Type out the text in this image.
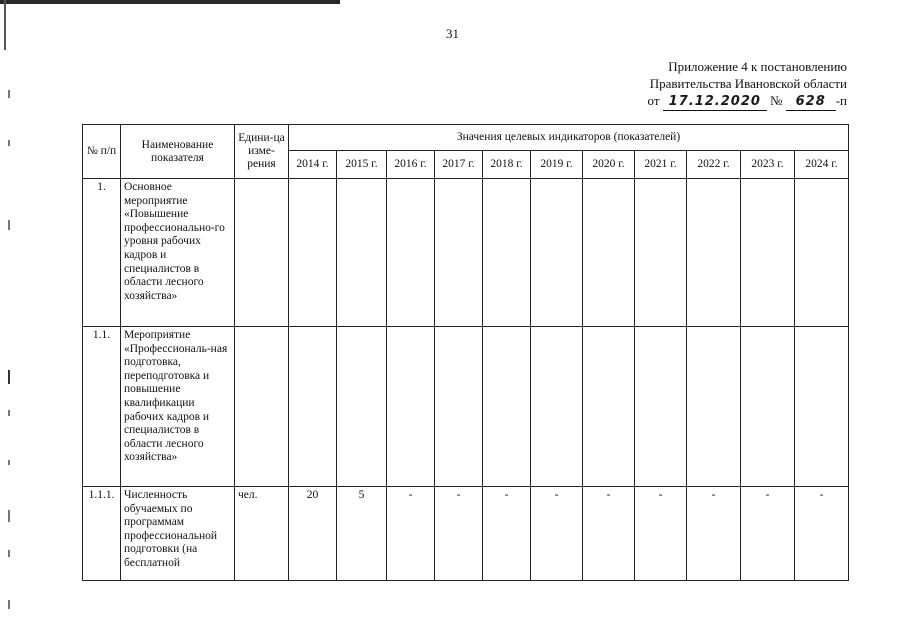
31
Приложение 4 к постановлению
Правительства Ивановской области
от 17.12.2020 № 628 -п
№ п/п	Наименование показателя	Едини-ца изме-рения	Значения целевых индикаторов (показателей)										
			2014 г.	2015 г.	2016 г.	2017 г.	2018 г.	2019 г.	2020 г.	2021 г.	2022 г.	2023 г.	2024 г.
1.	Основное мероприятие «Повышение профессионально-го уровня рабочих кадров и специалистов в области лесного хозяйства»												
1.1.	Мероприятие «Профессиональ-ная подготовка, переподготовка и повышение квалификации рабочих кадров и специалистов в области лесного хозяйства»												
1.1.1.	Численность обучаемых по программам профессиональной подготовки (на бесплатной	чел.	20	5	-	-	-	-	-	-	-	-	-
